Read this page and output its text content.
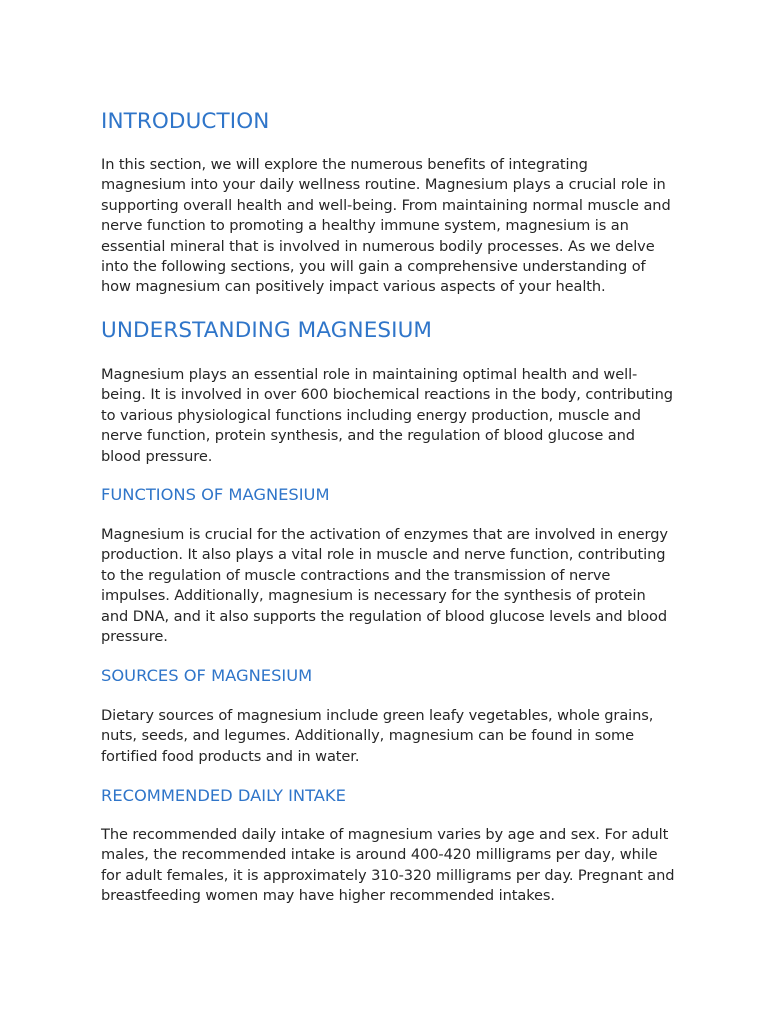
INTRODUCTION

In this section, we will explore the numerous benefits of integrating magnesium into your daily wellness routine. Magnesium plays a crucial role in supporting overall health and well-being. From maintaining normal muscle and nerve function to promoting a healthy immune system, magnesium is an essential mineral that is involved in numerous bodily processes. As we delve into the following sections, you will gain a comprehensive understanding of how magnesium can positively impact various aspects of your health.

UNDERSTANDING MAGNESIUM

Magnesium plays an essential role in maintaining optimal health and well-being. It is involved in over 600 biochemical reactions in the body, contributing to various physiological functions including energy production, muscle and nerve function, protein synthesis, and the regulation of blood glucose and blood pressure.

FUNCTIONS OF MAGNESIUM

Magnesium is crucial for the activation of enzymes that are involved in energy production. It also plays a vital role in muscle and nerve function, contributing to the regulation of muscle contractions and the transmission of nerve impulses. Additionally, magnesium is necessary for the synthesis of protein and DNA, and it also supports the regulation of blood glucose levels and blood pressure.

SOURCES OF MAGNESIUM

Dietary sources of magnesium include green leafy vegetables, whole grains, nuts, seeds, and legumes. Additionally, magnesium can be found in some fortified food products and in water.

RECOMMENDED DAILY INTAKE

The recommended daily intake of magnesium varies by age and sex. For adult males, the recommended intake is around 400-420 milligrams per day, while for adult females, it is approximately 310-320 milligrams per day. Pregnant and breastfeeding women may have higher recommended intakes.
